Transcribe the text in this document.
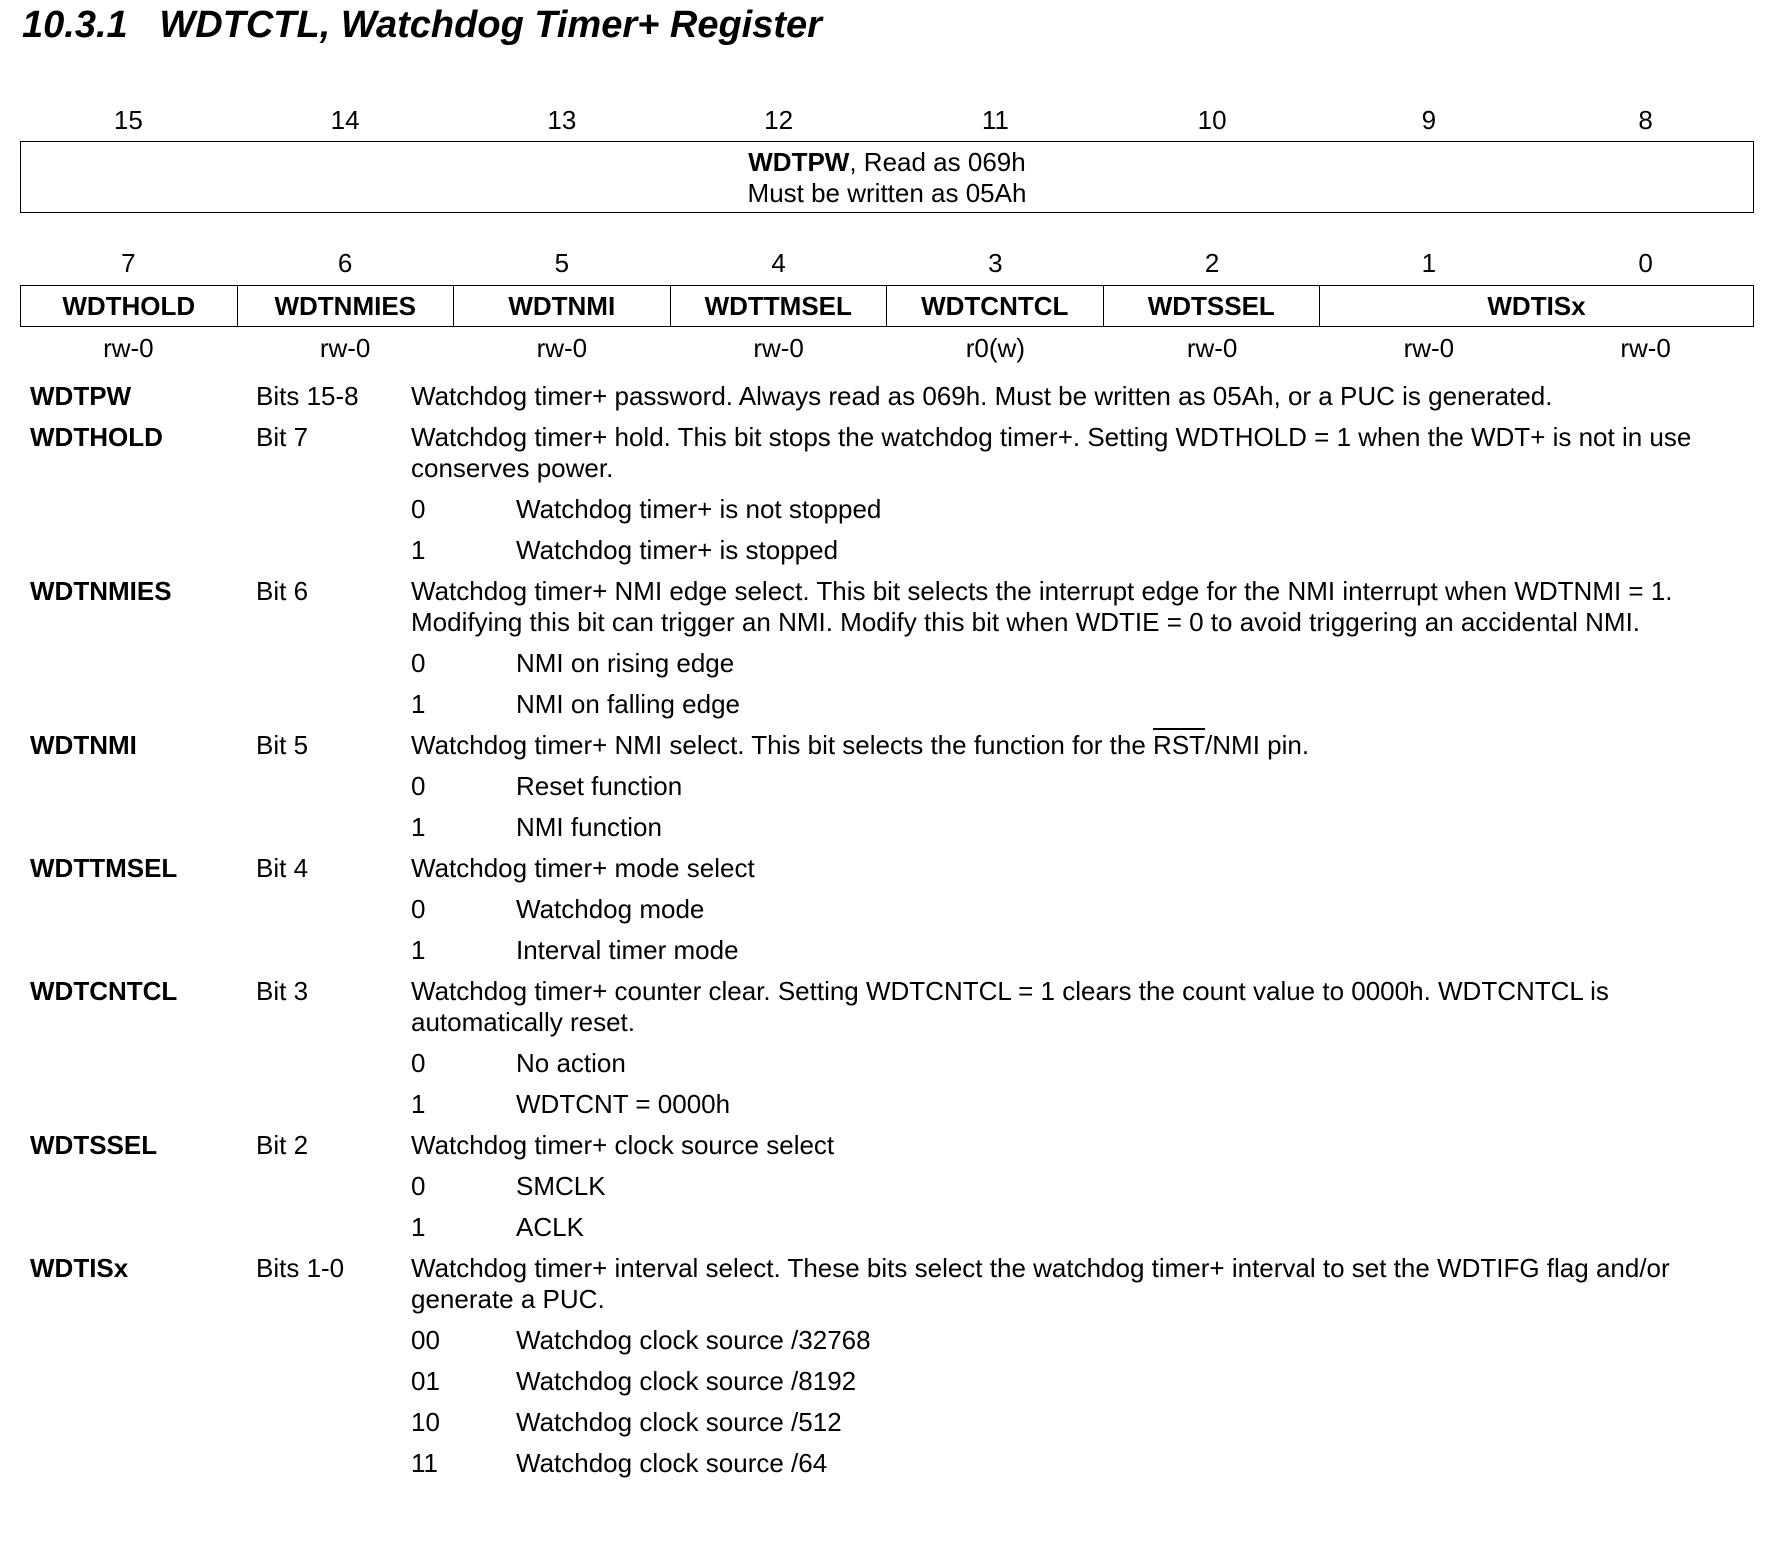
10.3.1   WDTCTL, Watchdog Timer+ Register
15	14	13	12	11	10	9	8
WDTPW, Read as 069h
Must be written as 05Ah
7	6	5	4	3	2	1	0
WDTHOLD	WDTNMIES	WDTNMI	WDTTMSEL	WDTCNTCL	WDTSSEL	WDTISx
rw-0	rw-0	rw-0	rw-0	r0(w)	rw-0	rw-0	rw-0
WDTPW	Bits 15-8	Watchdog timer+ password. Always read as 069h. Must be written as 05Ah, or a PUC is generated.
WDTHOLD	Bit 7	Watchdog timer+ hold. This bit stops the watchdog timer+. Setting WDTHOLD = 1 when the WDT+ is not in use conserves power.
0	Watchdog timer+ is not stopped
1	Watchdog timer+ is stopped
WDTNMIES	Bit 6	Watchdog timer+ NMI edge select. This bit selects the interrupt edge for the NMI interrupt when WDTNMI = 1. Modifying this bit can trigger an NMI. Modify this bit when WDTIE = 0 to avoid triggering an accidental NMI.
0	NMI on rising edge
1	NMI on falling edge
WDTNMI	Bit 5	Watchdog timer+ NMI select. This bit selects the function for the $\overline{RST}$/NMI pin.
0	Reset function
1	NMI function
WDTTMSEL	Bit 4	Watchdog timer+ mode select
0	Watchdog mode
1	Interval timer mode
WDTCNTCL	Bit 3	Watchdog timer+ counter clear. Setting WDTCNTCL = 1 clears the count value to 0000h. WDTCNTCL is automatically reset.
0	No action
1	WDTCNT = 0000h
WDTSSEL	Bit 2	Watchdog timer+ clock source select
0	SMCLK
1	ACLK
WDTISx	Bits 1-0	Watchdog timer+ interval select. These bits select the watchdog timer+ interval to set the WDTIFG flag and/or generate a PUC.
00	Watchdog clock source /32768
01	Watchdog clock source /8192
10	Watchdog clock source /512
11	Watchdog clock source /64
